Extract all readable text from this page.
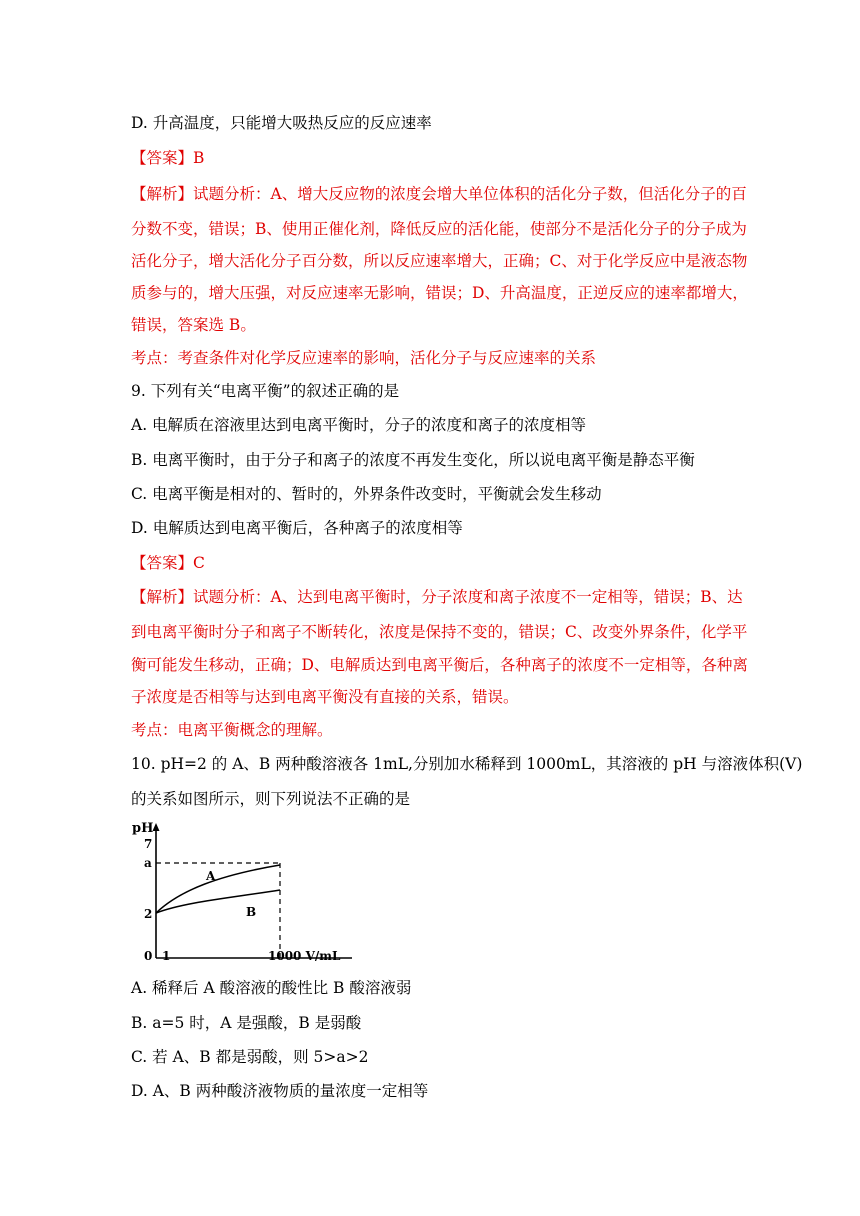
D. 升高温度，只能增大吸热反应的反应速率
【答案】B
【解析】试题分析：A、增大反应物的浓度会增大单位体积的活化分子数，但活化分子的百
分数不变，错误；B、使用正催化剂，降低反应的活化能，使部分不是活化分子的分子成为
活化分子，增大活化分子百分数，所以反应速率增大，正确；C、对于化学反应中是液态物
质参与的，增大压强，对反应速率无影响，错误；D、升高温度，正逆反应的速率都增大，
错误，答案选 B。
考点：考查条件对化学反应速率的影响，活化分子与反应速率的关系
9. 下列有关“电离平衡”的叙述正确的是
A. 电解质在溶液里达到电离平衡时，分子的浓度和离子的浓度相等
B. 电离平衡时，由于分子和离子的浓度不再发生变化，所以说电离平衡是静态平衡
C. 电离平衡是相对的、暂时的，外界条件改变时，平衡就会发生移动
D. 电解质达到电离平衡后，各种离子的浓度相等
【答案】C
【解析】试题分析：A、达到电离平衡时，分子浓度和离子浓度不一定相等，错误；B、达
到电离平衡时分子和离子不断转化，浓度是保持不变的，错误；C、改变外界条件，化学平
衡可能发生移动，正确；D、电解质达到电离平衡后，各种离子的浓度不一定相等，各种离
子浓度是否相等与达到电离平衡没有直接的关系，错误。
考点：电离平衡概念的理解。
10. pH=2 的 A、B 两种酸溶液各 1mL,分别加水稀释到 1000mL，其溶液的 pH 与溶液体积(V)
的关系如图所示，则下列说法不正确的是
pH
7
a
2
0 1	1000 V/mL
A
B
A. 稀释后 A 酸溶液的酸性比 B 酸溶液弱
B. a=5 时，A 是强酸，B 是弱酸
C. 若 A、B 都是弱酸，则 5>a>2
D. A、B 两种酸济液物质的量浓度一定相等
